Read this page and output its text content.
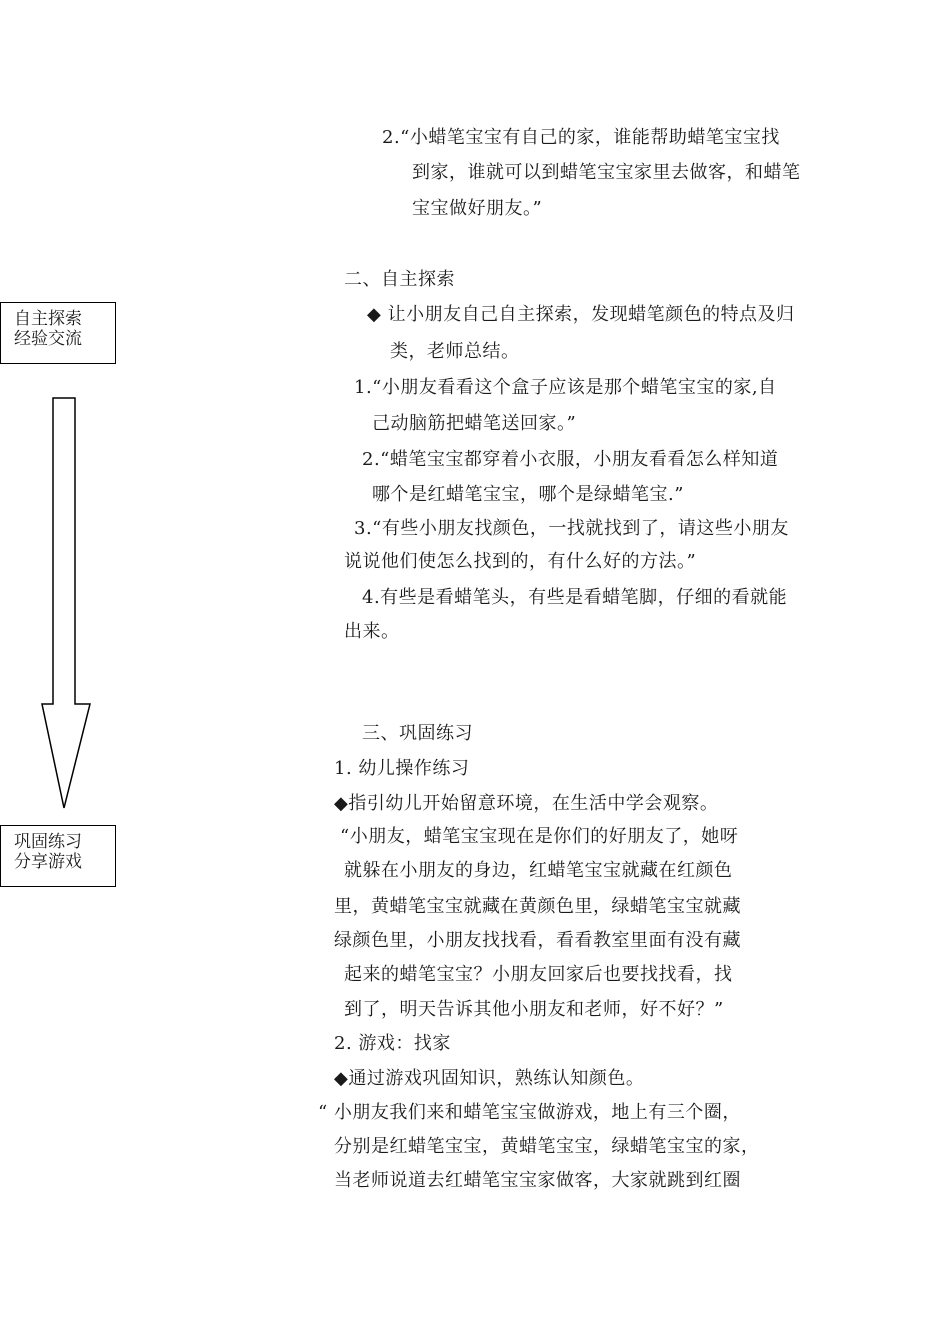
自主探索
经验交流
巩固练习
分享游戏
2.“小蜡笔宝宝有自己的家，谁能帮助蜡笔宝宝找
到家，谁就可以到蜡笔宝宝家里去做客，和蜡笔
宝宝做好朋友。”
二、自主探索
◆ 让小朋友自己自主探索，发现蜡笔颜色的特点及归
类，老师总结。
1.“小朋友看看这个盒子应该是那个蜡笔宝宝的家,自
己动脑筋把蜡笔送回家。”
2.“蜡笔宝宝都穿着小衣服，小朋友看看怎么样知道
哪个是红蜡笔宝宝，哪个是绿蜡笔宝.”
3.“有些小朋友找颜色，一找就找到了，请这些小朋友
说说他们使怎么找到的，有什么好的方法。”
4.有些是看蜡笔头，有些是看蜡笔脚，仔细的看就能
出来。
三、巩固练习
1. 幼儿操作练习
◆指引幼儿开始留意环境，在生活中学会观察。
“小朋友，蜡笔宝宝现在是你们的好朋友了，她呀
就躲在小朋友的身边，红蜡笔宝宝就藏在红颜色
里，黄蜡笔宝宝就藏在黄颜色里，绿蜡笔宝宝就藏
绿颜色里，小朋友找找看，看看教室里面有没有藏
起来的蜡笔宝宝？小朋友回家后也要找找看，找
到了，明天告诉其他小朋友和老师，好不好？”
2. 游戏：找家
◆通过游戏巩固知识，熟练认知颜色。
“ 小朋友我们来和蜡笔宝宝做游戏，地上有三个圈，
分别是红蜡笔宝宝，黄蜡笔宝宝，绿蜡笔宝宝的家，
当老师说道去红蜡笔宝宝家做客，大家就跳到红圈
